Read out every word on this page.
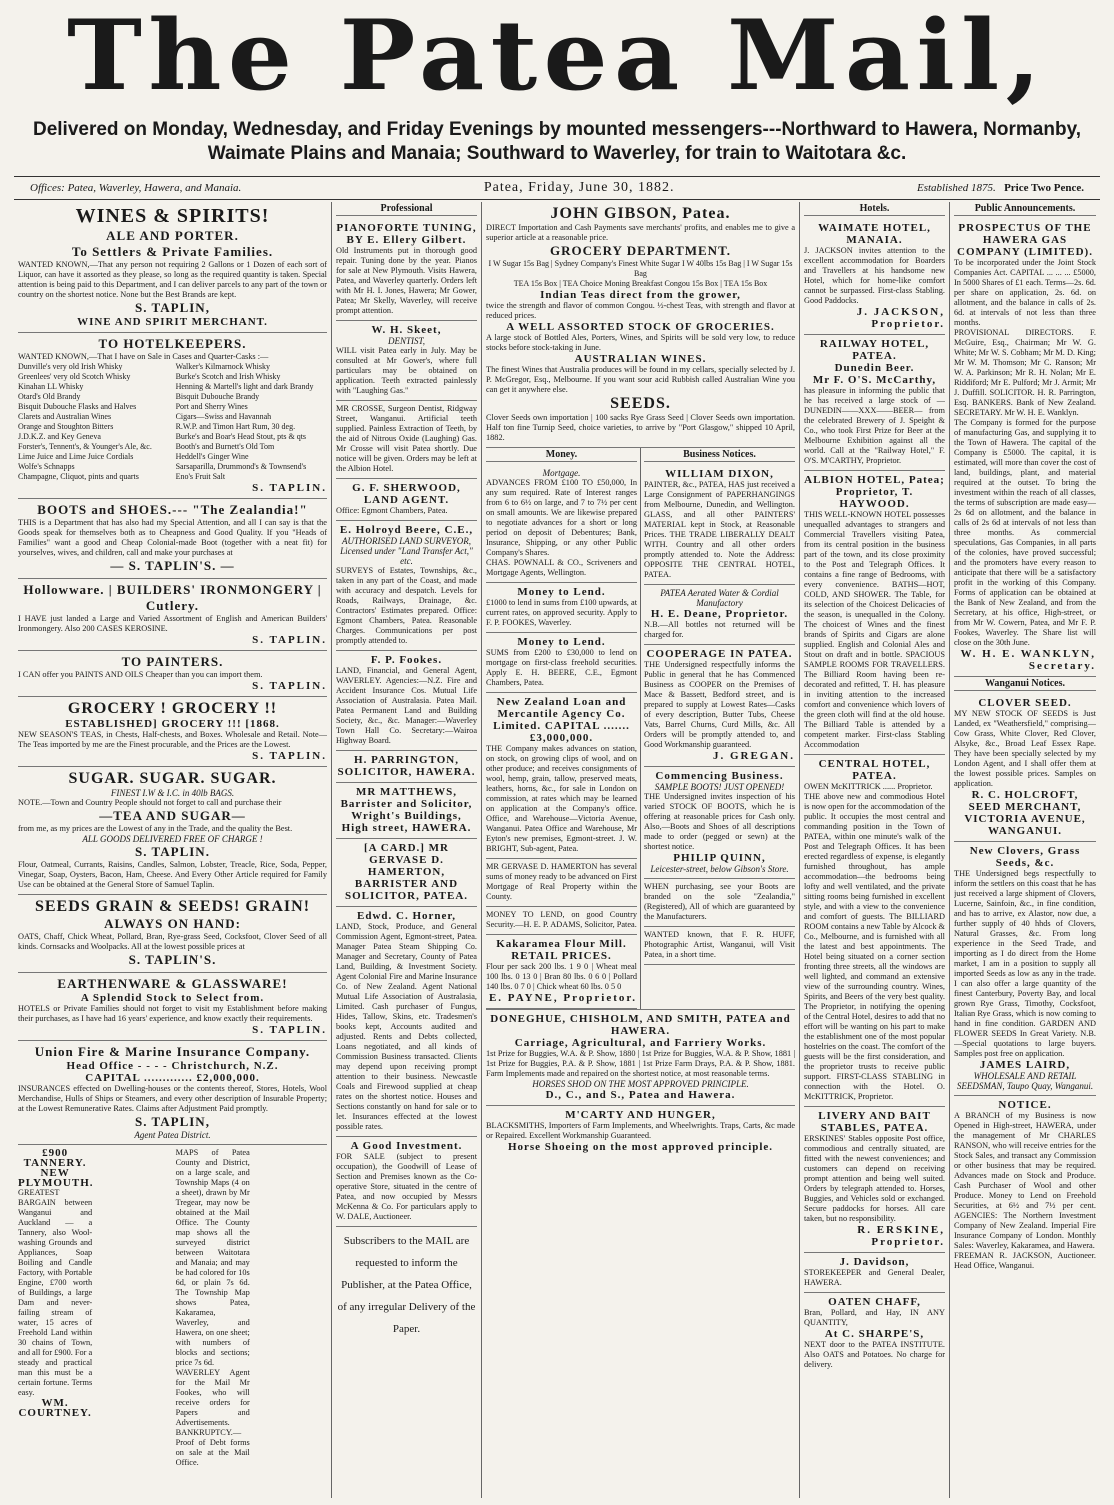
The Patea Mail,
Delivered on Monday, Wednesday, and Friday Evenings by mounted messengers---Northward to Hawera, Normanby, Waimate Plains and Manaia; Southward to Waverley, for train to Waitotara &c.
Offices: Patea, Waverley, Hawera, and Manaia.	Patea, Friday, June 30, 1882.	Established 1875. Price Two Pence.
WINES & SPIRITS!
ALE AND PORTER.
To Settlers & Private Families.
WANTED KNOWN,—That any person not requiring 2 Gallons or 1 Dozen of each sort of Liquor, can have it assorted as they please, so long as the required quantity is taken. Special attention is being paid to this Department, and I can deliver parcels to any part of the town or country on the shortest notice. None but the Best Brands are kept.
S. TAPLIN,
WINE AND SPIRIT MERCHANT.
TO HOTELKEEPERS.
WANTED KNOWN,—That I have on Sale in Cases and Quarter-Casks :—
Dunville's very old Irish Whisky
Greenlees' very old Scotch Whisky
Kinahan LL Whisky
Otard's Old Brandy
Bisquit Dubouche Flasks and Halves
Clarets and Australian Wines
Orange and Stoughton Bitters
J.D.K.Z. and Key Geneva
Forster's, Tennent's, & Younger's Ale, &c.
Lime Juice and Lime Juice Cordials
Wolfe's Schnapps
Champagne, Cliquot, pints and quarts
Walker's Kilmarnock Whisky
Burke's Scotch and Irish Whisky
Henning & Martell's light and dark Brandy
Bisquit Dubouche Brandy
Port and Sherry Wines
Cigars—Swiss and Havannah
R.W.P. and Timon Hart Rum, 30 deg.
Burke's and Boar's Head Stout, pts & qts
Booth's and Burnett's Old Tom
Heddell's Ginger Wine
Sarsaparilla, Drummond's & Townsend's
Eno's Fruit Salt
S. TAPLIN.
BOOTS and SHOES.--- "The Zealandia!"
THIS is a Department that has also had my Special Attention, and all I can say is that the Goods speak for themselves both as to Cheapness and Good Quality. If you "Heads of Families" want a good and Cheap Colonial-made Boot (together with a neat fit) for yourselves, wives, and children, call and make your purchases at
— S. TAPLIN'S. —
Hollowware. | BUILDERS' IRONMONGERY | Cutlery.
I HAVE just landed a Large and Varied Assortment of English and American Builders' Ironmongery. Also 200 CASES KEROSINE.
S. TAPLIN.
TO PAINTERS.
I CAN offer you PAINTS AND OILS Cheaper than you can import them.
S. TAPLIN.
GROCERY ! GROCERY !!
ESTABLISHED] GROCERY !!! [1868.
NEW SEASON'S TEAS, in Chests, Half-chests, and Boxes. Wholesale and Retail. Note—The Teas imported by me are the Finest procurable, and the Prices are the Lowest.
S. TAPLIN.
SUGAR. SUGAR. SUGAR.
FINEST I.W & I.C. in 40lb BAGS.
NOTE.—Town and Country People should not forget to call and purchase their
—TEA AND SUGAR—
from me, as my prices are the Lowest of any in the Trade, and the quality the Best.
ALL GOODS DELIVERED FREE OF CHARGE !
S. TAPLIN.
Flour, Oatmeal, Currants, Raisins, Candles, Salmon, Lobster, Treacle, Rice, Soda, Pepper, Vinegar, Soap, Oysters, Bacon, Ham, Cheese. And Every Other Article required for Family Use can be obtained at the General Store of Samuel Taplin.
SEEDS GRAIN & SEEDS! GRAIN!
ALWAYS ON HAND:
OATS, Chaff, Chick Wheat, Pollard, Bran, Rye-grass Seed, Cocksfoot, Clover Seed of all kinds. Cornsacks and Woolpacks. All at the lowest possible prices at
S. TAPLIN'S.
EARTHENWARE & GLASSWARE!
A Splendid Stock to Select from.
HOTELS or Private Families should not forget to visit my Establishment before making their purchases, as I have had 16 years' experience, and know exactly their requirements.
S. TAPLIN.
Union Fire & Marine Insurance Company.
Head Office - - - - Christchurch, N.Z.
CAPITAL ............. £2,000,000.
INSURANCES effected on Dwelling-houses or the contents thereof, Stores, Hotels, Wool Merchandise, Hulls of Ships or Steamers, and every other description of Insurable Property; at the Lowest Remunerative Rates. Claims after Adjustment Paid promptly.
S. TAPLIN,
Agent Patea District.
£900 TANNERY. NEW PLYMOUTH.
GREATEST BARGAIN between Wanganui and Auckland — a Tannery, also Wool-washing Grounds and Appliances, Soap Boiling and Candle Factory, with Portable Engine, £700 worth of Buildings, a large Dam and never-failing stream of water, 15 acres of Freehold Land within 30 chains of Town, and all for £900. For a steady and practical man this must be a certain fortune. Terms easy.
WM. COURTNEY.
MAPS of Patea County and District, on a large scale, and Township Maps (4 on a sheet), drawn by Mr Tregear, may now be obtained at the Mail Office. The County map shows all the surveyed district between Waitotara and Manaia; and may be had colored for 10s 6d, or plain 7s 6d. The Township Map shows Patea, Kakaramea, Waverley, and Hawera, on one sheet; with numbers of blocks and sections; price 7s 6d.
WAVERLEY Agent for the Mail Mr Fookes, who will receive orders for Papers and Advertisements.
BANKRUPTCY.—Proof of Debt forms on sale at the Mail Office.
Professional
PIANOFORTE TUNING, BY E. Ellery Gilbert.
Old Instruments put in thorough good repair. Tuning done by the year. Pianos for sale at New Plymouth. Visits Hawera, Patea, and Waverley quarterly. Orders left with Mr H. I. Jones, Hawera; Mr Gower, Patea; Mr Skelly, Waverley, will receive prompt attention.
W. H. Skeet,
DENTIST,
WILL visit Patea early in July. May be consulted at Mr Gower's, where full particulars may be obtained on application. Teeth extracted painlessly with "Laughing Gas."
MR CROSSE, Surgeon Dentist, Ridgway Street, Wanganui. Artificial teeth supplied. Painless Extraction of Teeth, by the aid of Nitrous Oxide (Laughing) Gas. Mr Crosse will visit Patea shortly. Due notice will be given. Orders may be left at the Albion Hotel.
G. F. SHERWOOD, LAND AGENT.
Office: Egmont Chambers, Patea.
E. Holroyd Beere, C.E.,
AUTHORISED LAND SURVEYOR, Licensed under "Land Transfer Act," etc.
SURVEYS of Estates, Townships, &c., taken in any part of the Coast, and made with accuracy and despatch. Levels for Roads, Railways, Drainage, &c. Contractors' Estimates prepared. Office: Egmont Chambers, Patea. Reasonable Charges. Communications per post promptly attended to.
F. P. Fookes.
LAND, Financial, and General Agent, WAVERLEY. Agencies:—N.Z. Fire and Accident Insurance Cos. Mutual Life Association of Australasia. Patea Mail. Patea Permanent Land and Building Society, &c., &c. Manager:—Waverley Town Hall Co. Secretary:—Wairoa Highway Board.
H. PARRINGTON, SOLICITOR, HAWERA.
MR MATTHEWS, Barrister and Solicitor, Wright's Buildings, High street, HAWERA.
[A CARD.] MR GERVASE D. HAMERTON, BARRISTER AND SOLICITOR, PATEA.
Edwd. C. Horner,
LAND, Stock, Produce, and General Commission Agent, Egmont-street, Patea. Manager Patea Steam Shipping Co. Manager and Secretary, County of Patea Land, Building, & Investment Society. Agent Colonial Fire and Marine Insurance Co. of New Zealand. Agent National Mutual Life Association of Australasia, Limited. Cash purchaser of Fungus, Hides, Tallow, Skins, etc. Tradesmen's books kept, Accounts audited and adjusted. Rents and Debts collected, Loans negotiated, and all kinds of Commission Business transacted. Clients may depend upon receiving prompt attention to their business. Newcastle Coals and Firewood supplied at cheap rates on the shortest notice. Houses and Sections constantly on hand for sale or to let. Insurances effected at the lowest possible rates.
A Good Investment.
FOR SALE (subject to present occupation), the Goodwill of Lease of Section and Premises known as the Co-operative Store, situated in the centre of Patea, and now occupied by Messrs McKenna & Co. For particulars apply to W. DALE, Auctioneer.
Subscribers to the MAIL are requested to inform the Publisher, at the Patea Office, of any irregular Delivery of the Paper.
JOHN GIBSON, Patea.
DIRECT Importation and Cash Payments save merchants' profits, and enables me to give a superior article at a reasonable price.
GROCERY DEPARTMENT.
I W Sugar 15s Bag | Sydney Company's Finest White Sugar I W 40lbs 15s Bag | I W Sugar 15s Bag
TEA 15s Box | TEA Choice Moning Breakfast Congou 15s Box | TEA 15s Box
Indian Teas direct from the grower,
twice the strength and flavor of common Congou. ½-chest Teas, with strength and flavor at reduced prices.
A WELL ASSORTED STOCK OF GROCERIES.
A large stock of Bottled Ales, Porters, Wines, and Spirits will be sold very low, to reduce stocks before stock-taking in June.
AUSTRALIAN WINES.
The finest Wines that Australia produces will be found in my cellars, specially selected by J. P. McGregor, Esq., Melbourne. If you want sour acid Rubbish called Australian Wine you can get it anywhere else.
SEEDS.
Clover Seeds own importation | 100 sacks Rye Grass Seed | Clover Seeds own importation. Half ton fine Turnip Seed, choice varieties, to arrive by "Port Glasgow," shipped 10 April, 1882.
Money.
Mortgage.
ADVANCES FROM £100 TO £50,000, In any sum required. Rate of Interest ranges from 6 to 6½ on large, and 7 to 7½ per cent on small amounts. We are likewise prepared to negotiate advances for a short or long period on deposit of Debentures; Bank, Insurance, Shipping, or any other Public Company's Shares.
CHAS. POWNALL & CO., Scriveners and Mortgage Agents, Wellington.
Money to Lend.
£1000 to lend in sums from £100 upwards, at current rates, on approved security. Apply to F. P. FOOKES, Waverley.
Money to Lend.
SUMS from £200 to £30,000 to lend on mortgage on first-class freehold securities. Apply E. H. BEERE, C.E., Egmont Chambers, Patea.
New Zealand Loan and Mercantile Agency Co. Limited. CAPITAL ....... £3,000,000.
THE Company makes advances on station, on stock, on growing clips of wool, and on other produce; and receives consignments of wool, hemp, grain, tallow, preserved meats, leathers, horns, &c., for sale in London on commission, at rates which may be learned on application at the Company's office. Office, and Warehouse—Victoria Avenue, Wanganui. Patea Office and Warehouse, Mr Eyton's new premises, Egmont-street. J. W. BRIGHT, Sub-agent, Patea.
MR GERVASE D. HAMERTON has several sums of money ready to be advanced on First Mortgage of Real Property within the County.
MONEY TO LEND, on good Country Security.—H. E. P. ADAMS, Solicitor, Patea.
Kakaramea Flour Mill.
RETAIL PRICES.
Flour per sack 200 lbs. 1 9 0 | Wheat meal 100 lbs. 0 13 0 | Bran 80 lbs. 0 6 0 | Pollard 140 lbs. 0 7 0 | Chick wheat 60 lbs. 0 5 0
E. PAYNE, Proprietor.
Business Notices.
WILLIAM DIXON,
PAINTER, &c., PATEA, HAS just received a Large Consignment of PAPERHANGINGS from Melbourne, Dunedin, and Wellington. GLASS, and all other PAINTERS' MATERIAL kept in Stock, at Reasonable Prices. THE TRADE LIBERALLY DEALT WITH. Country and all other orders promptly attended to. Note the Address: OPPOSITE THE CENTRAL HOTEL, PATEA.
PATEA Aerated Water & Cordial Manufactory
H. E. Deane, Proprietor.
N.B.—All bottles not returned will be charged for.
COOPERAGE IN PATEA.
THE Undersigned respectfully informs the Public in general that he has Commenced Business as COOPER on the Premises of Mace & Bassett, Bedford street, and is prepared to supply at Lowest Rates—Casks of every description, Butter Tubs, Cheese Vats, Barrel Churns, Curd Mills, &c. All Orders will be promptly attended to, and Good Workmanship guaranteed.
J. GREGAN.
Commencing Business.
SAMPLE BOOTS! JUST OPENED!
THE Undersigned invites inspection of his varied STOCK OF BOOTS, which he is offering at reasonable prices for Cash only. Also,—Boots and Shoes of all descriptions made to order (pegged or sewn) at the shortest notice.
PHILIP QUINN,
Leicester-street, below Gibson's Store.
WHEN purchasing, see your Boots are branded on the sole "Zealandia," (Registered), All of which are guaranteed by the Manufacturers.
WANTED known, that F. R. HUFF, Photographic Artist, Wanganui, will Visit Patea, in a short time.
DONEGHUE, CHISHOLM, AND SMITH, PATEA and HAWERA.
Carriage, Agricultural, and Farriery Works.
1st Prize for Buggies, W.A. & P. Show, 1880 | 1st Prize for Buggies, W.A. & P. Show, 1881 | 1st Prize for Buggies, P.A. & P. Show, 1881 | 1st Prize Farm Drays, P.A. & P. Show, 1881. Farm Implements made and repaired on the shortest notice, at most reasonable terms.
HORSES SHOD ON THE MOST APPROVED PRINCIPLE.
D., C., and S., Patea and Hawera.
M'CARTY AND HUNGER,
BLACKSMITHS, Importers of Farm Implements, and Wheelwrights. Traps, Carts, &c made or Repaired. Excellent Workmanship Guaranteed.
Horse Shoeing on the most approved principle.
Hotels.
WAIMATE HOTEL, MANAIA.
J. JACKSON invites attention to the excellent accommodation for Boarders and Travellers at his handsome new Hotel, which for home-like comfort cannot be surpassed. First-class Stabling. Good Paddocks.
J. JACKSON, Proprietor.
RAILWAY HOTEL, PATEA.
Dunedin Beer.
Mr F. O'S. McCarthy,
has pleasure in informing the public that he has received a large stock of —DUNEDIN——XXX——BEER— from the celebrated Brewery of J. Speight & Co., who took First Prize for Beer at the Melbourne Exhibition against all the world. Call at the "Railway Hotel," F. O'S. M'CARTHY, Proprietor.
ALBION HOTEL, Patea; Proprietor, T. HAYWOOD.
THIS WELL-KNOWN HOTEL possesses unequalled advantages to strangers and Commercial Travellers visiting Patea, from its central position in the business part of the town, and its close proximity to the Post and Telegraph Offices. It contains a fine range of Bedrooms, with every convenience. BATHS—HOT, COLD, AND SHOWER. The Table, for its selection of the Choicest Delicacies of the season, is unequalled in the Colony. The choicest of Wines and the finest brands of Spirits and Cigars are alone supplied. English and Colonial Ales and Stout on draft and in bottle. SPACIOUS SAMPLE ROOMS FOR TRAVELLERS. The Billiard Room having been re-decorated and refitted, T. H. has pleasure in inviting attention to the increased comfort and convenience which lovers of the green cloth will find at the old house. The Billiard Table is attended by a competent marker. First-class Stabling Accommodation
CENTRAL HOTEL, PATEA.
OWEN McKITTRICK ...... Proprietor.
THE above new and commodious Hotel is now open for the accommodation of the public. It occupies the most central and commanding position in the Town of PATEA, within one minute's walk of the Post and Telegraph Offices. It has been erected regardless of expense, is elegantly furnished throughout, has ample accommodation—the bedrooms being lofty and well ventilated, and the private sitting rooms being furnished in excellent style, and with a view to the convenience and comfort of guests. The BILLIARD ROOM contains a new Table by Alcock & Co., Melbourne, and is furnished with all the latest and best appointments. The Hotel being situated on a corner section fronting three streets, all the windows are well lighted, and command an extensive view of the surrounding country. Wines, Spirits, and Beers of the very best quality. The Proprietor, in notifying the opening of the Central Hotel, desires to add that no effort will be wanting on his part to make the establishment one of the most popular hostelries on the coast. The comfort of the guests will be the first consideration, and the proprietor trusts to receive public support. FIRST-CLASS STABLING in connection with the Hotel. O. McKITTRICK, Proprietor.
LIVERY AND BAIT STABLES, PATEA.
ERSKINES' Stables opposite Post office, commodious and centrally situated, are fitted with the newest conveniences; and customers can depend on receiving prompt attention and being well suited. Orders by telegraph attended to. Horses, Buggies, and Vehicles sold or exchanged. Secure paddocks for horses. All care taken, but no responsibility.
R. ERSKINE, Proprietor.
J. Davidson,
STOREKEEPER and General Dealer, HAWERA.
OATEN CHAFF,
Bran, Pollard, and Hay, IN ANY QUANTITY,
At C. SHARPE'S,
NEXT door to the PATEA INSTITUTE. Also OATS and Potatoes. No charge for delivery.
Public Announcements.
PROSPECTUS OF THE HAWERA GAS COMPANY (LIMITED).
To be incorporated under the Joint Stock Companies Act. CAPITAL ... ... ... £5000, In 5000 Shares of £1 each. Terms—2s. 6d. per share on application, 2s. 6d. on allotment, and the balance in calls of 2s. 6d. at intervals of not less than three months.
PROVISIONAL DIRECTORS. F. McGuire, Esq., Chairman; Mr W. G. White; Mr W. S. Cobham; Mr M. D. King; Mr W. M. Thomson; Mr C. Ranson; Mr W. A. Parkinson; Mr R. H. Nolan; Mr E. Riddiford; Mr E. Pulford; Mr J. Armit; Mr J. Duffill. SOLICITOR. H. R. Parrington, Esq. BANKERS. Bank of New Zealand. SECRETARY. Mr W. H. E. Wanklyn.
The Company is formed for the purpose of manufacturing Gas, and supplying it to the Town of Hawera. The capital of the Company is £5000. The capital, it is estimated, will more than cover the cost of land, buildings, plant, and material required at the outset. To bring the investment within the reach of all classes, the terms of subscription are made easy—2s 6d on allotment, and the balance in calls of 2s 6d at intervals of not less than three months. As commercial speculations, Gas Companies, in all parts of the colonies, have proved successful; and the promoters have every reason to anticipate that there will be a satisfactory profit in the working of this Company. Forms of application can be obtained at the Bank of New Zealand, and from the Secretary, at his office, High-street, or from Mr W. Cowern, Patea, and Mr F. P. Fookes, Waverley. The Share list will close on the 30th June.
W. H. E. WANKLYN, Secretary.
Wanganui Notices.
CLOVER SEED.
MY NEW STOCK OF SEEDS is Just Landed, ex "Weathersfield," comprising— Cow Grass, White Clover, Red Clover, Alsyke, &c., Broad Leaf Essex Rape. They have been specially selected by my London Agent, and I shall offer them at the lowest possible prices. Samples on application.
R. C. HOLCROFT, SEED MERCHANT, VICTORIA AVENUE, WANGANUI.
New Clovers, Grass Seeds, &c.
THE Undersigned begs respectfully to inform the settlers on this coast that he has just received a large shipment of Clovers, Lucerne, Sainfoin, &c., in fine condition, and has to arrive, ex Alastor, now due, a further supply of 40 hhds of Clovers, Natural Grasses, &c. From long experience in the Seed Trade, and importing as I do direct from the Home market, I am in a position to supply all imported Seeds as low as any in the trade. I can also offer a large quantity of the finest Canterbury, Poverty Bay, and local grown Rye Grass, Timothy, Cocksfoot, Italian Rye Grass, which is now coming to hand in fine condition. GARDEN AND FLOWER SEEDS In Great Variety. N.B.—Special quotations to large buyers. Samples post free on application.
JAMES LAIRD,
WHOLESALE AND RETAIL SEEDSMAN, Taupo Quay, Wanganui.
NOTICE.
A BRANCH of my Business is now Opened in High-street, HAWERA, under the management of Mr CHARLES RANSON, who will receive entries for the Stock Sales, and transact any Commission or other business that may be required. Advances made on Stock and Produce. Cash Purchaser of Wool and other Produce. Money to Lend on Freehold Securities, at 6½ and 7½ per cent. AGENCIES: The Northern Investment Company of New Zealand. Imperial Fire Insurance Company of London. Monthly Sales: Waverley, Kakaramea, and Hawera.
FREEMAN R. JACKSON, Auctioneer. Head Office, Wanganui.
